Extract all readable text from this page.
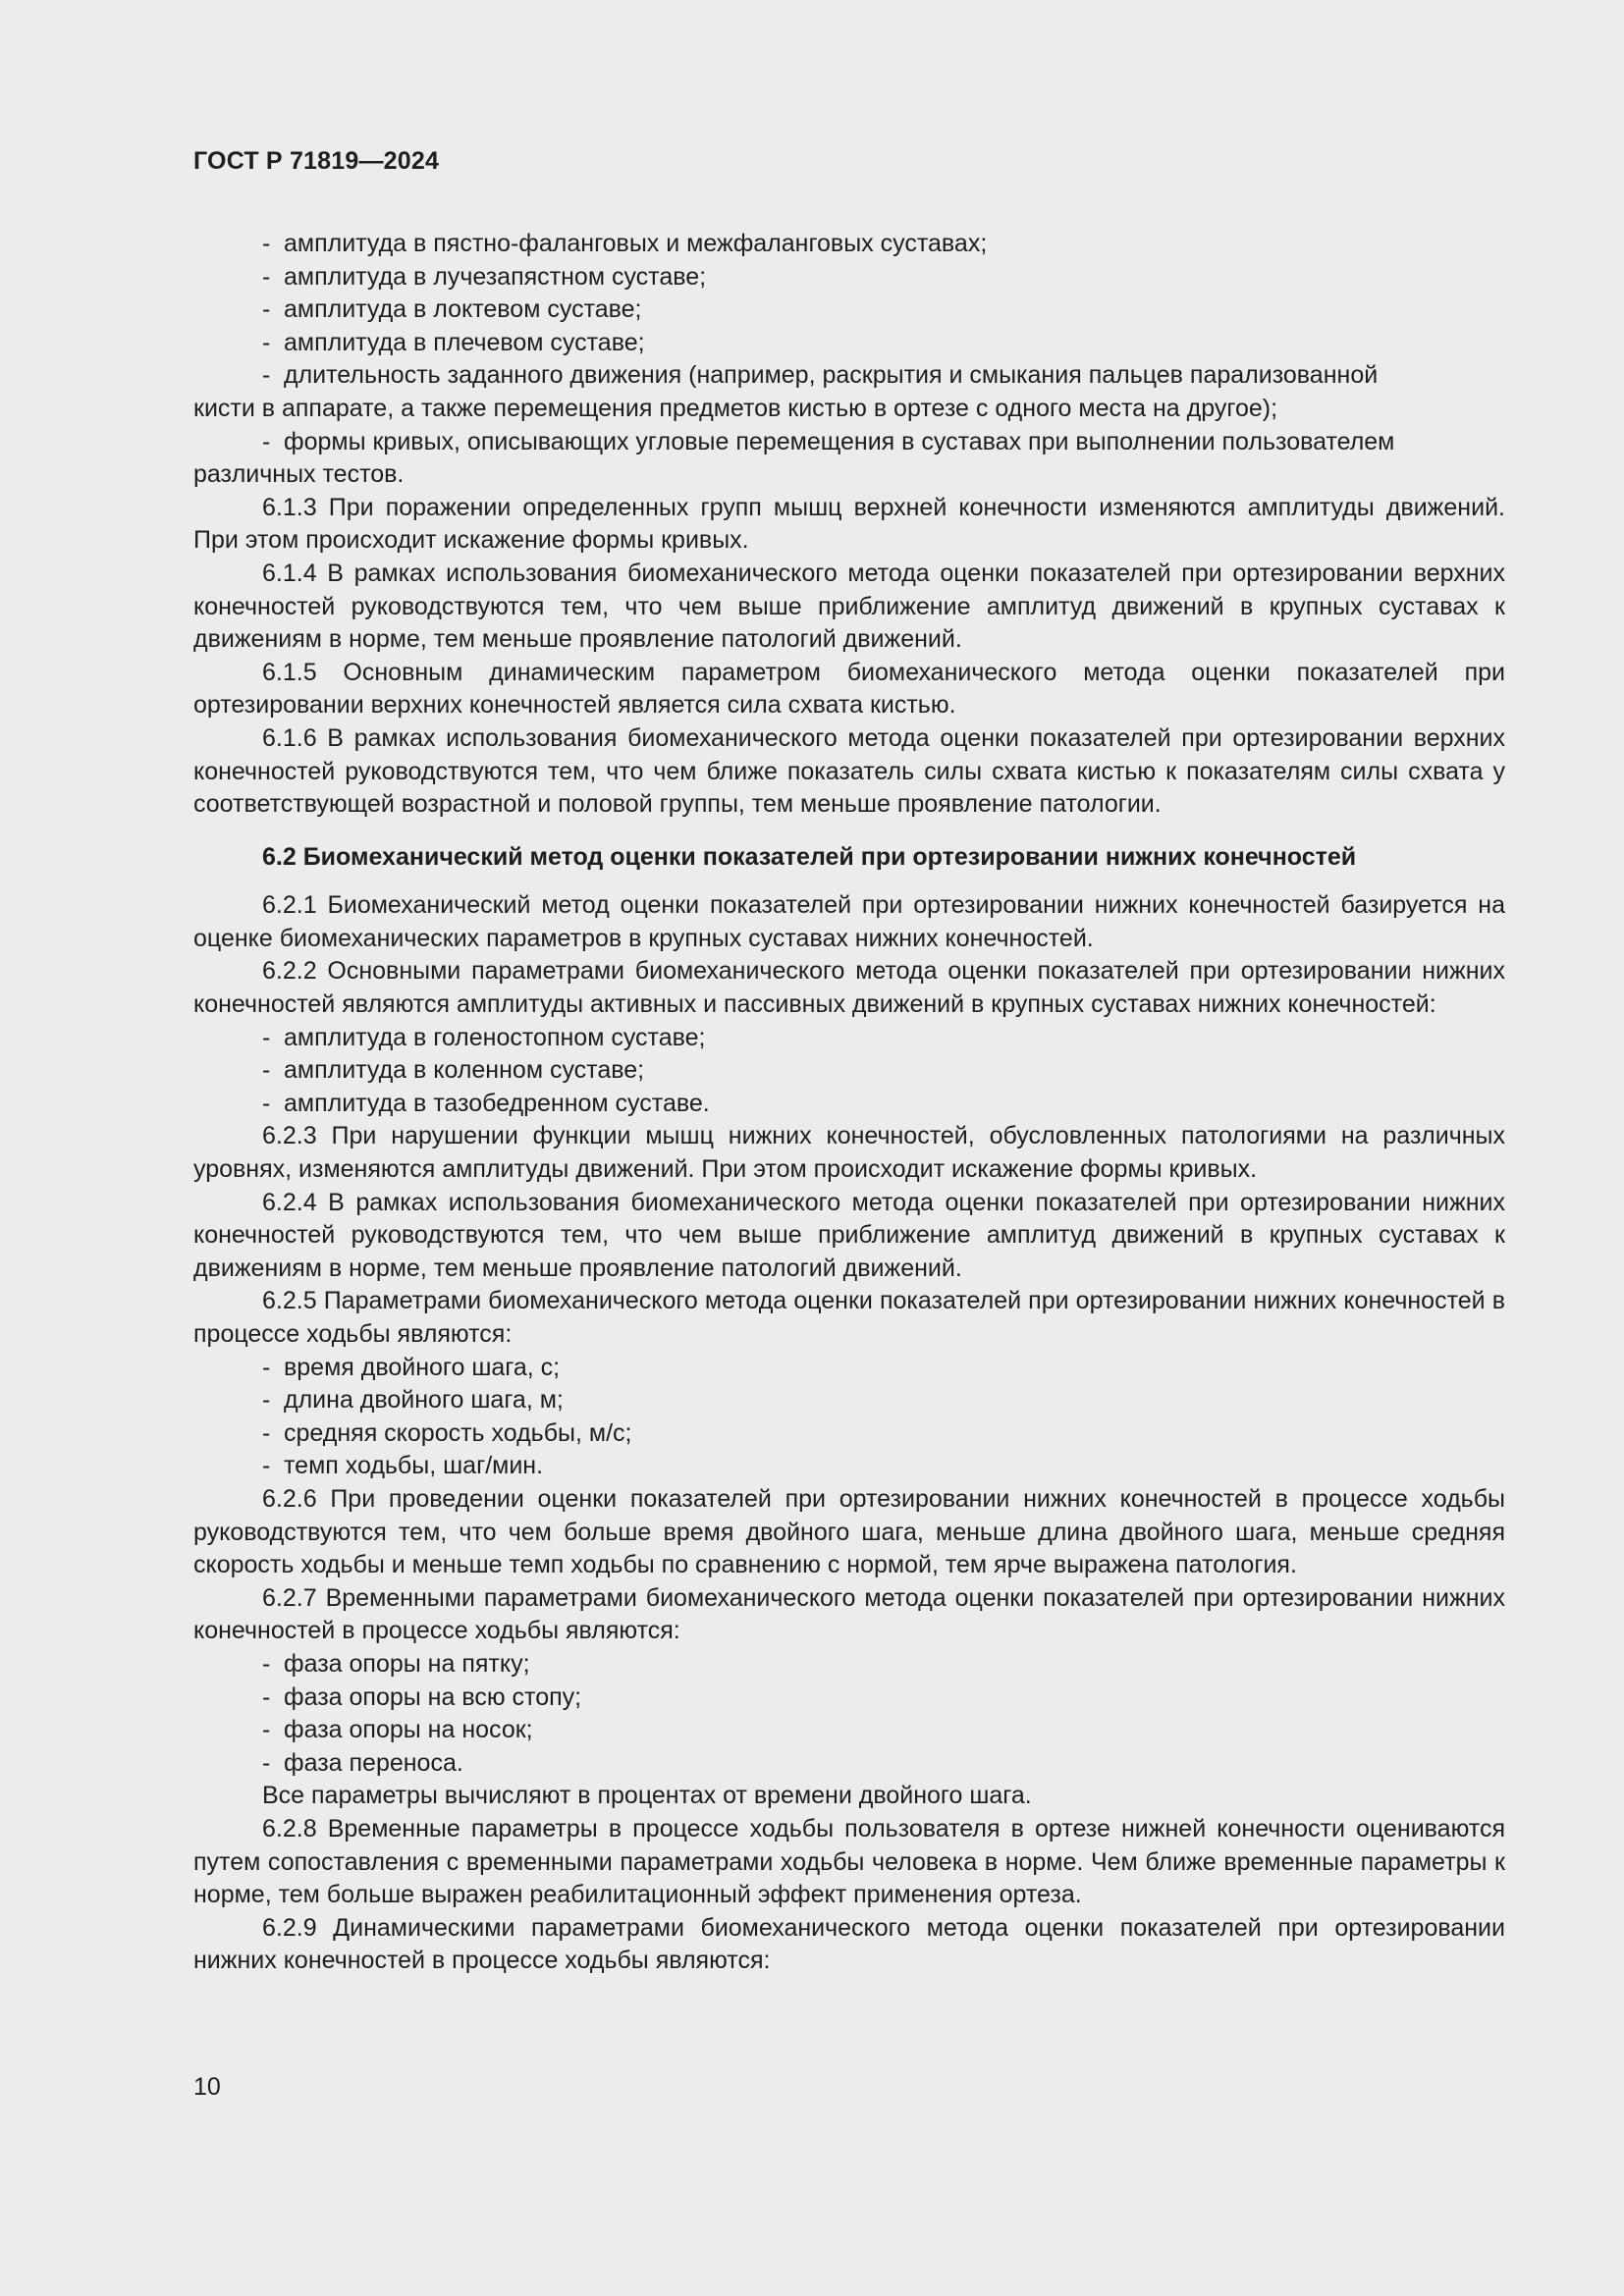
ГОСТ Р 71819—2024

- амплитуда в пястно-фаланговых и межфаланговых суставах;

- амплитуда в лучезапястном суставе;

- амплитуда в локтевом суставе;

- амплитуда в плечевом суставе;

- длительность заданного движения (например, раскрытия и смыкания пальцев парализованной

кисти в аппарате, а также перемещения предметов кистью в ортезе с одного места на другое);

- формы кривых, описывающих угловые перемещения в суставах при выполнении пользователем

различных тестов.

6.1.3 При поражении определенных групп мышц верхней конечности изменяются амплитуды движений. При этом происходит искажение формы кривых.

6.1.4 В рамках использования биомеханического метода оценки показателей при ортезировании верхних конечностей руководствуются тем, что чем выше приближение амплитуд движений в крупных суставах к движениям в норме, тем меньше проявление патологий движений.

6.1.5 Основным динамическим параметром биомеханического метода оценки показателей при ортезировании верхних конечностей является сила схвата кистью.

6.1.6 В рамках использования биомеханического метода оценки показателей при ортезировании верхних конечностей руководствуются тем, что чем ближе показатель силы схвата кистью к показателям силы схвата у соответствующей возрастной и половой группы, тем меньше проявление патологии.

6.2 Биомеханический метод оценки показателей при ортезировании нижних конечностей

6.2.1 Биомеханический метод оценки показателей при ортезировании нижних конечностей базируется на оценке биомеханических параметров в крупных суставах нижних конечностей.

6.2.2 Основными параметрами биомеханического метода оценки показателей при ортезировании нижних конечностей являются амплитуды активных и пассивных движений в крупных суставах нижних конечностей:

- амплитуда в голеностопном суставе;

- амплитуда в коленном суставе;

- амплитуда в тазобедренном суставе.

6.2.3 При нарушении функции мышц нижних конечностей, обусловленных патологиями на различных уровнях, изменяются амплитуды движений. При этом происходит искажение формы кривых.

6.2.4 В рамках использования биомеханического метода оценки показателей при ортезировании нижних конечностей руководствуются тем, что чем выше приближение амплитуд движений в крупных суставах к движениям в норме, тем меньше проявление патологий движений.

6.2.5 Параметрами биомеханического метода оценки показателей при ортезировании нижних конечностей в процессе ходьбы являются:

- время двойного шага, с;

- длина двойного шага, м;

- средняя скорость ходьбы, м/с;

- темп ходьбы, шаг/мин.

6.2.6 При проведении оценки показателей при ортезировании нижних конечностей в процессе ходьбы руководствуются тем, что чем больше время двойного шага, меньше длина двойного шага, меньше средняя скорость ходьбы и меньше темп ходьбы по сравнению с нормой, тем ярче выражена патология.

6.2.7 Временными параметрами биомеханического метода оценки показателей при ортезировании нижних конечностей в процессе ходьбы являются:

- фаза опоры на пятку;

- фаза опоры на всю стопу;

- фаза опоры на носок;

- фаза переноса.

Все параметры вычисляют в процентах от времени двойного шага.

6.2.8 Временные параметры в процессе ходьбы пользователя в ортезе нижней конечности оцениваются путем сопоставления с временными параметрами ходьбы человека в норме. Чем ближе временные параметры к норме, тем больше выражен реабилитационный эффект применения ортеза.

6.2.9 Динамическими параметрами биомеханического метода оценки показателей при ортезировании нижних конечностей в процессе ходьбы являются:

10
